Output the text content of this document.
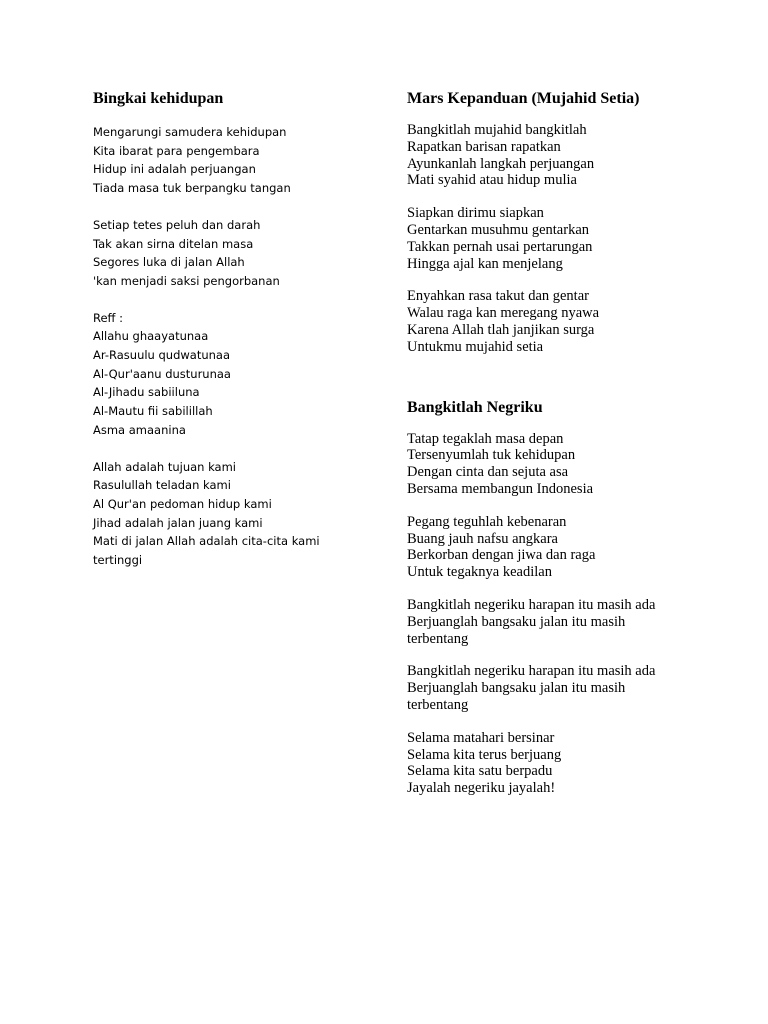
Bingkai kehidupan
Mengarungi samudera kehidupan
Kita ibarat para pengembara
Hidup ini adalah perjuangan
Tiada masa tuk berpangku tangan
Setiap tetes peluh dan darah
Tak akan sirna ditelan masa
Segores luka di jalan Allah
'kan menjadi saksi pengorbanan
Reff :
Allahu ghaayatunaa
Ar-Rasuulu qudwatunaa
Al-Qur'aanu dusturunaa
Al-Jihadu sabiiluna
Al-Mautu fii sabilillah
Asma amaanina
Allah adalah tujuan kami
Rasulullah teladan kami
Al Qur'an pedoman hidup kami
Jihad adalah jalan juang kami
Mati di jalan Allah adalah cita-cita kami
tertinggi
Mars Kepanduan (Mujahid Setia)
Bangkitlah mujahid bangkitlah
Rapatkan barisan rapatkan
Ayunkanlah langkah perjuangan
Mati syahid atau hidup mulia
Siapkan dirimu siapkan
Gentarkan musuhmu gentarkan
Takkan pernah usai pertarungan
Hingga ajal kan menjelang
Enyahkan rasa takut dan gentar
Walau raga kan meregang nyawa
Karena Allah tlah janjikan surga
Untukmu mujahid setia
Bangkitlah Negriku
Tatap tegaklah masa depan
Tersenyumlah tuk kehidupan
Dengan cinta dan sejuta asa
Bersama membangun Indonesia
Pegang teguhlah kebenaran
Buang jauh nafsu angkara
Berkorban dengan jiwa dan raga
Untuk tegaknya keadilan
Bangkitlah negeriku harapan itu masih ada
Berjuanglah bangsaku jalan itu masih terbentang
Bangkitlah negeriku harapan itu masih ada
Berjuanglah bangsaku jalan itu masih terbentang
Selama matahari bersinar
Selama kita terus berjuang
Selama kita satu berpadu
Jayalah negeriku jayalah!
